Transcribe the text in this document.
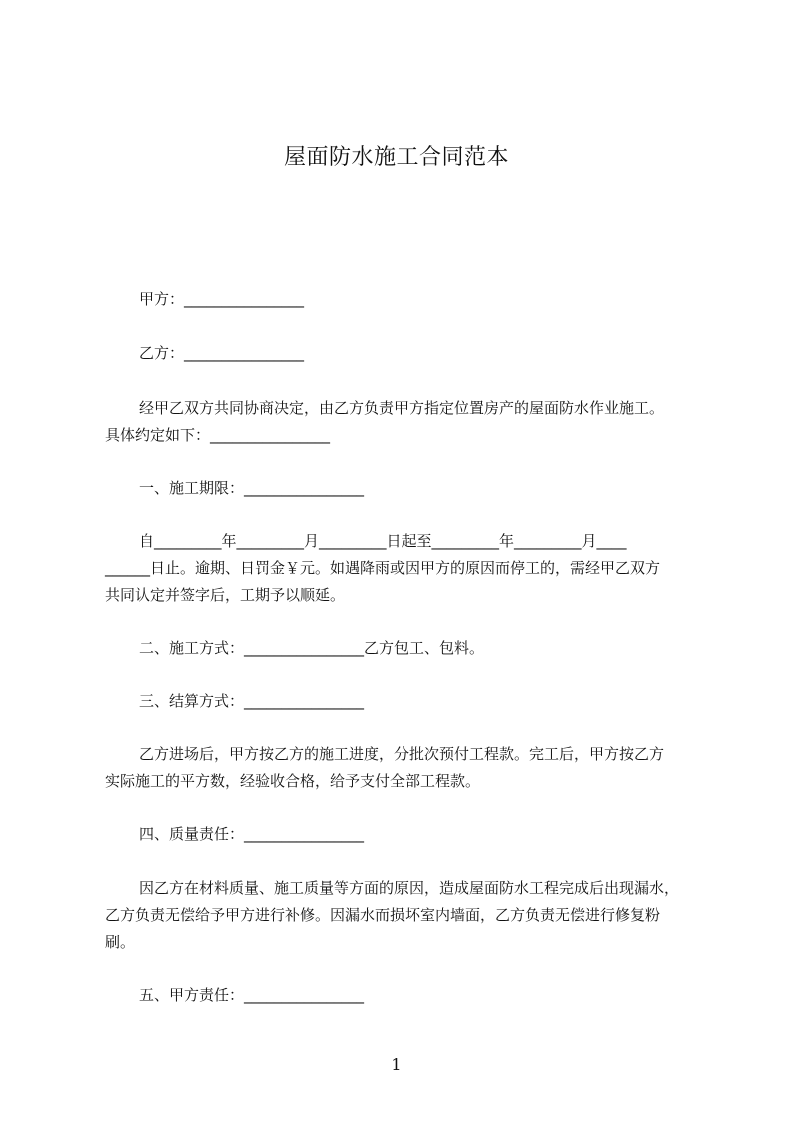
屋面防水施工合同范本
甲方：________________
乙方：________________
经甲乙双方共同协商决定，由乙方负责甲方指定位置房产的屋面防水作业施工。
具体约定如下：________________
一、施工期限：________________
自_________年_________月_________日起至_________年_________月____
______日止。逾期、日罚金￥元。如遇降雨或因甲方的原因而停工的，需经甲乙双方
共同认定并签字后，工期予以顺延。
二、施工方式：________________乙方包工、包料。
三、结算方式：________________
乙方进场后，甲方按乙方的施工进度，分批次预付工程款。完工后，甲方按乙方
实际施工的平方数，经验收合格，给予支付全部工程款。
四、质量责任：________________
因乙方在材料质量、施工质量等方面的原因，造成屋面防水工程完成后出现漏水，
乙方负责无偿给予甲方进行补修。因漏水而损坏室内墙面，乙方负责无偿进行修复粉
刷。
五、甲方责任：________________
1
